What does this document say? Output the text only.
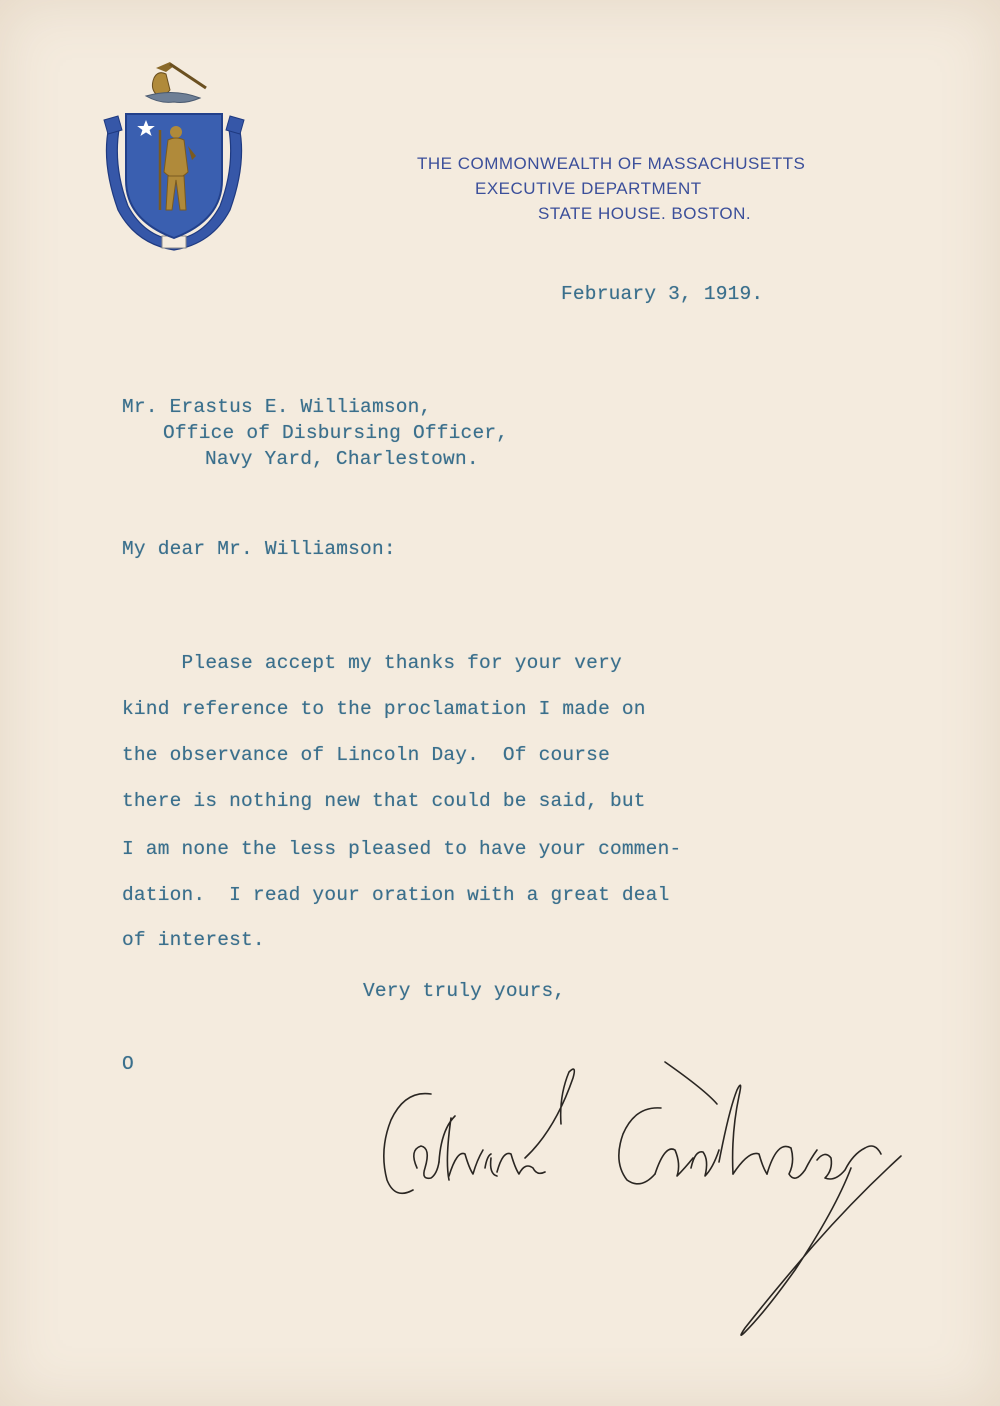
THE COMMONWEALTH OF MASSACHUSETTS
EXECUTIVE DEPARTMENT
STATE HOUSE. BOSTON.
February 3, 1919.
Mr. Erastus E. Williamson,
Office of Disbursing Officer,
Navy Yard, Charlestown.
My dear Mr. Williamson:
Please accept my thanks for your very
kind reference to the proclamation I made on
the observance of Lincoln Day.  Of course
there is nothing new that could be said, but
I am none the less pleased to have your commen-
dation.  I read your oration with a great deal
of interest.
Very truly yours,
O
